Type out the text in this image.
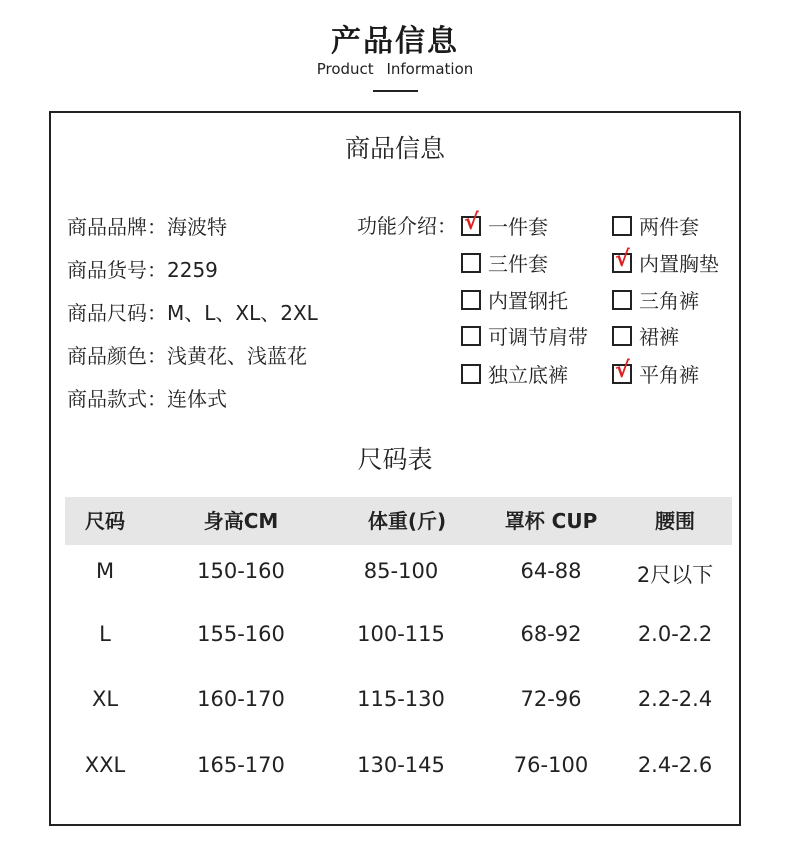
产品信息
Product Information
商品信息
商品品牌：海波特
商品货号：2259
商品尺码：M、L、XL、2XL
商品颜色：浅黄花、浅蓝花
商品款式：连体式
功能介绍： √ 一件套	两件套
三件套	√ 内置胸垫
内置钢托	三角裤
可调节肩带	裙裤
独立底裤 √ 平角裤
尺码表
尺码	身高CM	体重(斤)	罩杯 CUP	腰围
M	150-160	85-100	64-88	2尺以下
L	155-160	100-115	68-92	2.0-2.2
XL	160-170	115-130	72-96	2.2-2.4
XXL	165-170	130-145	76-100	2.4-2.6
